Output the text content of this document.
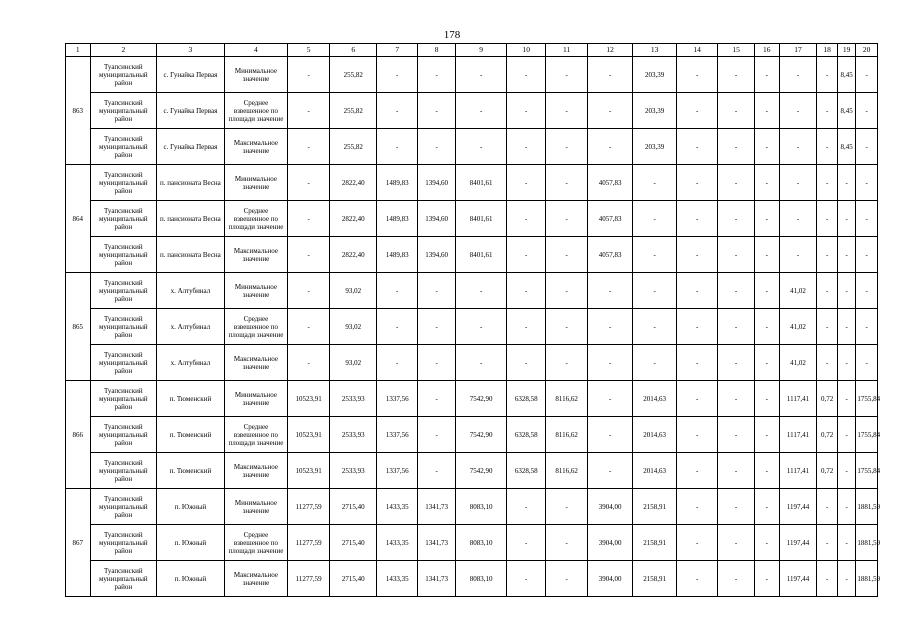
178
1	2	3	4	5	6	7	8	9	10	11	12	13	14	15	16	17	18	19	20
863	Туапсинский муниципальный район	с. Гунайка Первая	Минимальное значение	-	255,82	-	-	-	-	-	-	203,39	-	-	-	-	-	8,45	-
	Туапсинский муниципальный район	с. Гунайка Первая	Среднее взвешенное по площади значение	-	255,82	-	-	-	-	-	-	203,39	-	-	-	-	-	8,45	-
	Туапсинский муниципальный район	с. Гунайка Первая	Максимальное значение	-	255,82	-	-	-	-	-	-	203,39	-	-	-	-	-	8,45	-
864	Туапсинский муниципальный район	п. пансионата Весна	Минимальное значение	-	2822,40	1489,83	1394,60	8401,61	-	-	4057,83	-	-	-	-	-	-	-	-
	Туапсинский муниципальный район	п. пансионата Весна	Среднее взвешенное по площади значение	-	2822,40	1489,83	1394,60	8401,61	-	-	4057,83	-	-	-	-	-	-	-	-
	Туапсинский муниципальный район	п. пансионата Весна	Максимальное значение	-	2822,40	1489,83	1394,60	8401,61	-	-	4057,83	-	-	-	-	-	-	-	-
865	Туапсинский муниципальный район	х. Алтубинал	Минимальное значение	-	93,02	-	-	-	-	-	-	-	-	-	-	41,02	-	-	-
	Туапсинский муниципальный район	х. Алтубинал	Среднее взвешенное по площади значение	-	93,02	-	-	-	-	-	-	-	-	-	-	41,02	-	-	-
	Туапсинский муниципальный район	х. Алтубинал	Максимальное значение	-	93,02	-	-	-	-	-	-	-	-	-	-	41,02	-	-	-
866	Туапсинский муниципальный район	п. Тюменский	Минимальное значение	10523,91	2533,93	1337,56	-	7542,90	6328,58	8116,62	-	2014,63	-	-	-	1117,41	0,72	-	1755,84
	Туапсинский муниципальный район	п. Тюменский	Среднее взвешенное по площади значение	10523,91	2533,93	1337,56	-	7542,90	6328,58	8116,62	-	2014,63	-	-	-	1117,41	0,72	-	1755,84
	Туапсинский муниципальный район	п. Тюменский	Максимальное значение	10523,91	2533,93	1337,56	-	7542,90	6328,58	8116,62	-	2014,63	-	-	-	1117,41	0,72	-	1755,84
867	Туапсинский муниципальный район	п. Южный	Минимальное значение	11277,59	2715,40	1433,35	1341,73	8083,10	-	-	3904,00	2158,91	-	-	-	1197,44	-	-	1881,59
	Туапсинский муниципальный район	п. Южный	Среднее взвешенное по площади значение	11277,59	2715,40	1433,35	1341,73	8083,10	-	-	3904,00	2158,91	-	-	-	1197,44	-	-	1881,59
	Туапсинский муниципальный район	п. Южный	Максимальное значение	11277,59	2715,40	1433,35	1341,73	8083,10	-	-	3904,00	2158,91	-	-	-	1197,44	-	-	1881,59
